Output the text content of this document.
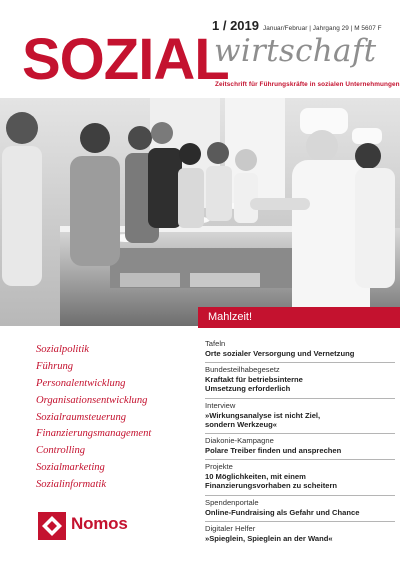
1 / 2019 Januar/Februar | Jahrgang 29 | M 5607 F
SOZIAL
wirtschaft
Zeitschrift für Führungskräfte in sozialen Unternehmungen
Mahlzeit!
Sozialpolitik
Führung
Personalentwicklung
Organisationsentwicklung
Sozialraumsteuerung
Finanzierungsmanagement
Controlling
Sozialmarketing
Sozialinformatik
Tafeln
Orte sozialer Versorgung und Vernetzung
Bundesteilhabegesetz
Kraftakt für betriebsinterne
Umsetzung erforderlich
Interview
»Wirkungsanalyse ist nicht Ziel,
sondern Werkzeug«
Diakonie-Kampagne
Polare Treiber finden und ansprechen
Projekte
10 Möglichkeiten, mit einem
Finanzierungsvorhaben zu scheitern
Spendenportale
Online-Fundraising als Gefahr und Chance
Digitaler Helfer
»Spieglein, Spieglein an der Wand«
Nomos
